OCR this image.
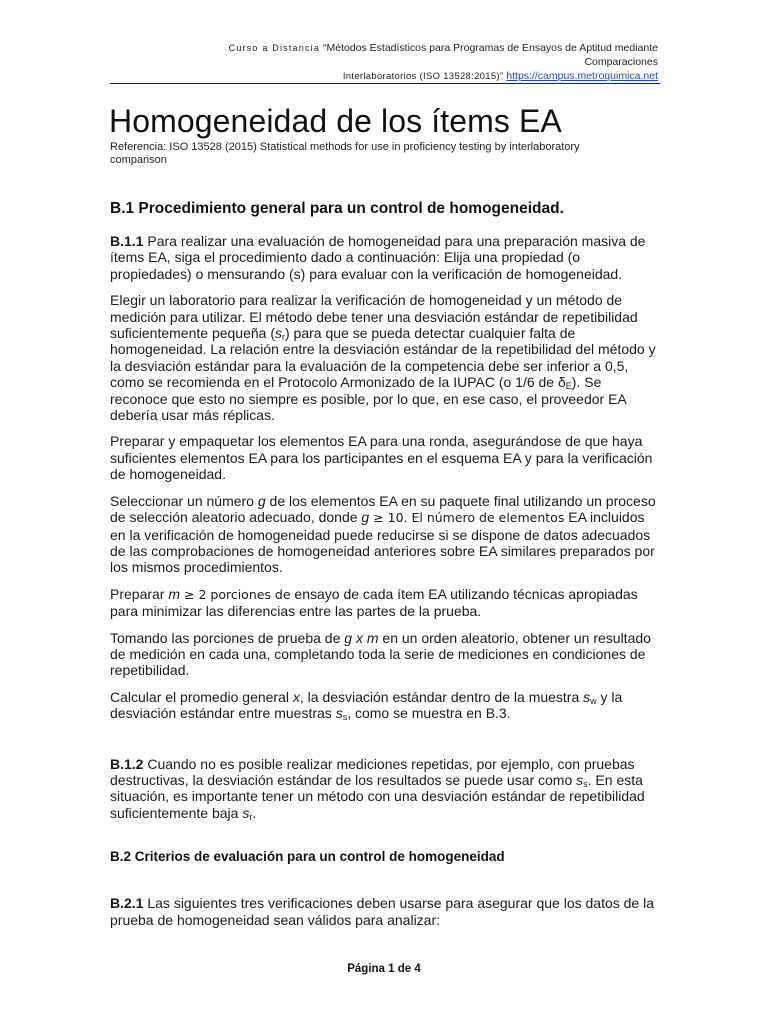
Curso a Distancia “Métodos Estadísticos para Programas de Ensayos de Aptitud mediante Comparaciones
Interlaboratorios (ISO 13528:2015)” https://campus.metroquimica.net
Homogeneidad de los ítems EA
Referencia: ISO 13528 (2015) Statistical methods for use in proficiency testing by interlaboratory comparison
B.1 Procedimiento general para un control de homogeneidad.

B.1.1 Para realizar una evaluación de homogeneidad para una preparación masiva de ítems EA, siga el procedimiento dado a continuación: Elija una propiedad (o propiedades) o mensurando (s) para evaluar con la verificación de homogeneidad.

Elegir un laboratorio para realizar la verificación de homogeneidad y un método de medición para utilizar. El método debe tener una desviación estándar de repetibilidad suficientemente pequeña $(s_r)$ para que se pueda detectar cualquier falta de homogeneidad. La relación entre la desviación estándar de la repetibilidad del método y la desviación estándar para la evaluación de la competencia debe ser inferior a 0,5, como se recomienda en el Protocolo Armonizado de la IUPAC (o 1/6 de $\delta_E$). Se reconoce que esto no siempre es posible, por lo que, en ese caso, el proveedor EA debería usar más réplicas.

Preparar y empaquetar los elementos EA para una ronda, asegurándose de que haya suficientes elementos EA para los participantes en el esquema EA y para la verificación de homogeneidad.

Seleccionar un número g de los elementos EA en su paquete final utilizando un proceso de selección aleatorio adecuado, donde g ≥ 10. El número de elementos EA incluidos en la verificación de homogeneidad puede reducirse si se dispone de datos adecuados de las comprobaciones de homogeneidad anteriores sobre EA similares preparados por los mismos procedimientos.

Preparar m ≥ 2 porciones de ensayo de cada ítem EA utilizando técnicas apropiadas para minimizar las diferencias entre las partes de la prueba.

Tomando las porciones de prueba de g x m en un orden aleatorio, obtener un resultado de medición en cada una, completando toda la serie de mediciones en condiciones de repetibilidad.

Calcular el promedio general x, la desviación estándar dentro de la muestra $s_w$ y la desviación estándar entre muestras $s_s$, como se muestra en B.3.

B.1.2 Cuando no es posible realizar mediciones repetidas, por ejemplo, con pruebas destructivas, la desviación estándar de los resultados se puede usar como $s_s$. En esta situación, es importante tener un método con una desviación estándar de repetibilidad suficientemente baja $s_r$.

B.2 Criterios de evaluación para un control de homogeneidad

B.2.1 Las siguientes tres verificaciones deben usarse para asegurar que los datos de la prueba de homogeneidad sean válidos para analizar:

Página 1 de 4
